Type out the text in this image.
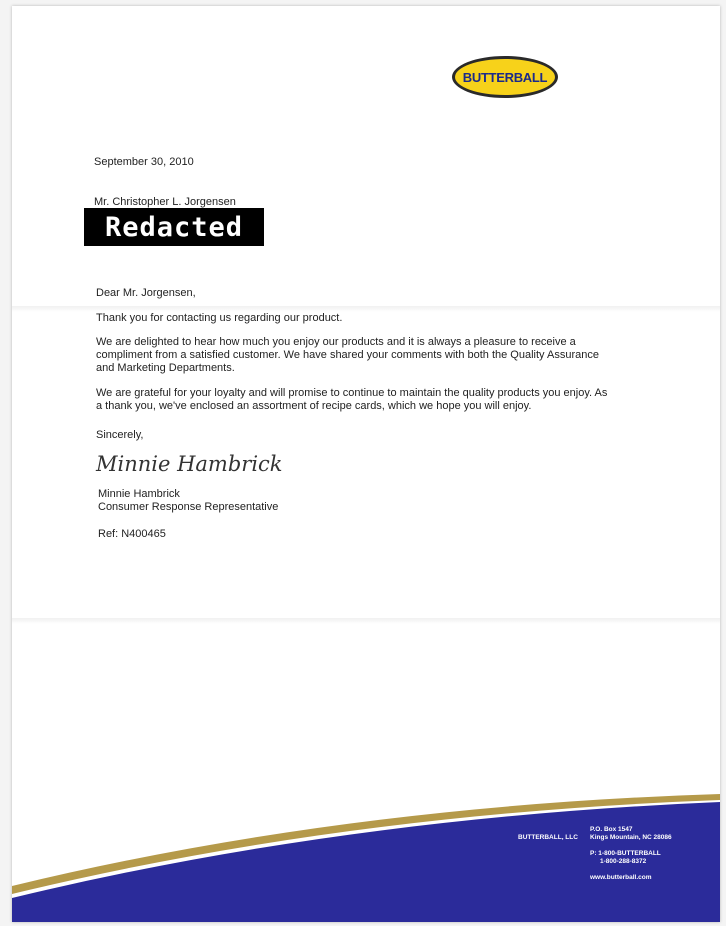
BUTTERBALL
September 30, 2010
Mr. Christopher L. Jorgensen
Redacted
Dear Mr. Jorgensen,
Thank you for contacting us regarding our product.
We are delighted to hear how much you enjoy our products and it is always a pleasure to receive a
compliment from a satisfied customer. We have shared your comments with both the Quality Assurance
and Marketing Departments.
We are grateful for your loyalty and will promise to continue to maintain the quality products you enjoy. As
a thank you, we've enclosed an assortment of recipe cards, which we hope you will enjoy.
Sincerely,
Minnie Hambrick
Minnie Hambrick
Consumer Response Representative
Ref: N400465
BUTTERBALL, LLC
P.O. Box 1547
Kings Mountain, NC 28086
P: 1-800-BUTTERBALL
1-800-288-8372
www.butterball.com
